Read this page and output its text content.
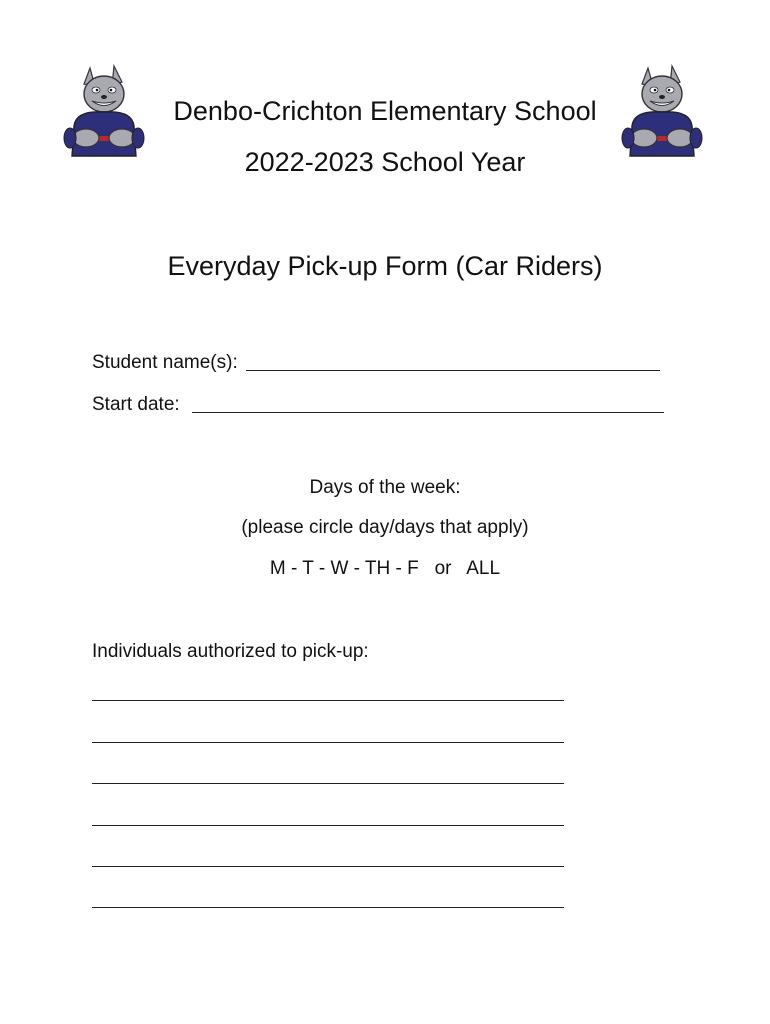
Denbo-Crichton Elementary School
2022-2023 School Year
Everyday Pick-up Form (Car Riders)
Student name(s):
Start date:
Days of the week:
(please circle day/days that apply)
M - T - W - TH - F   or   ALL
Individuals authorized to pick-up:
